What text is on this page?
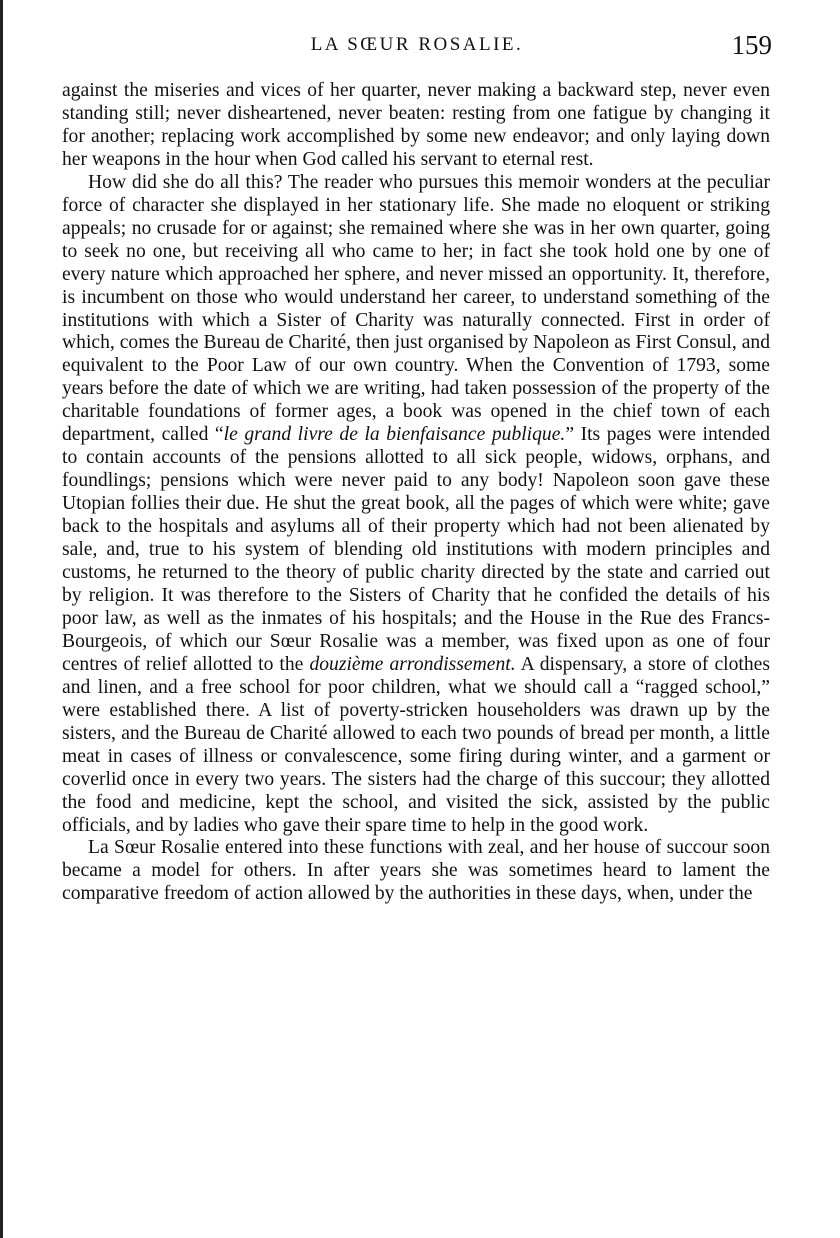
LA SŒUR ROSALIE.	159

against the miseries and vices of her quarter, never making a backward step, never even standing still; never disheartened, never beaten: resting from one fatigue by changing it for another; replacing work accomplished by some new endeavor; and only laying down her weapons in the hour when God called his servant to eternal rest.

How did she do all this? The reader who pursues this memoir wonders at the peculiar force of character she displayed in her stationary life. She made no eloquent or striking appeals; no crusade for or against; she remained where she was in her own quarter, going to seek no one, but receiving all who came to her; in fact she took hold one by one of every nature which approached her sphere, and never missed an opportunity. It, therefore, is incumbent on those who would understand her career, to understand something of the institutions with which a Sister of Charity was naturally connected. First in order of which, comes the Bureau de Charité, then just organised by Napoleon as First Consul, and equivalent to the Poor Law of our own country. When the Convention of 1793, some years before the date of which we are writing, had taken possession of the property of the charitable foundations of former ages, a book was opened in the chief town of each department, called “le grand livre de la bienfaisance publique.” Its pages were intended to contain accounts of the pensions allotted to all sick people, widows, orphans, and foundlings; pensions which were never paid to any body! Napoleon soon gave these Utopian follies their due. He shut the great book, all the pages of which were white; gave back to the hospitals and asylums all of their property which had not been alienated by sale, and, true to his system of blending old institutions with modern principles and customs, he returned to the theory of public charity directed by the state and carried out by religion. It was therefore to the Sisters of Charity that he confided the details of his poor law, as well as the inmates of his hospitals; and the House in the Rue des Francs-Bourgeois, of which our Sœur Rosalie was a member, was fixed upon as one of four centres of relief allotted to the douzième arrondissement. A dispensary, a store of clothes and linen, and a free school for poor children, what we should call a “ragged school,” were established there. A list of poverty-stricken householders was drawn up by the sisters, and the Bureau de Charité allowed to each two pounds of bread per month, a little meat in cases of illness or convalescence, some firing during winter, and a garment or coverlid once in every two years. The sisters had the charge of this succour; they allotted the food and medicine, kept the school, and visited the sick, assisted by the public officials, and by ladies who gave their spare time to help in the good work.

La Sœur Rosalie entered into these functions with zeal, and her house of succour soon became a model for others. In after years she was sometimes heard to lament the comparative freedom of action allowed by the authorities in these days, when, under the
